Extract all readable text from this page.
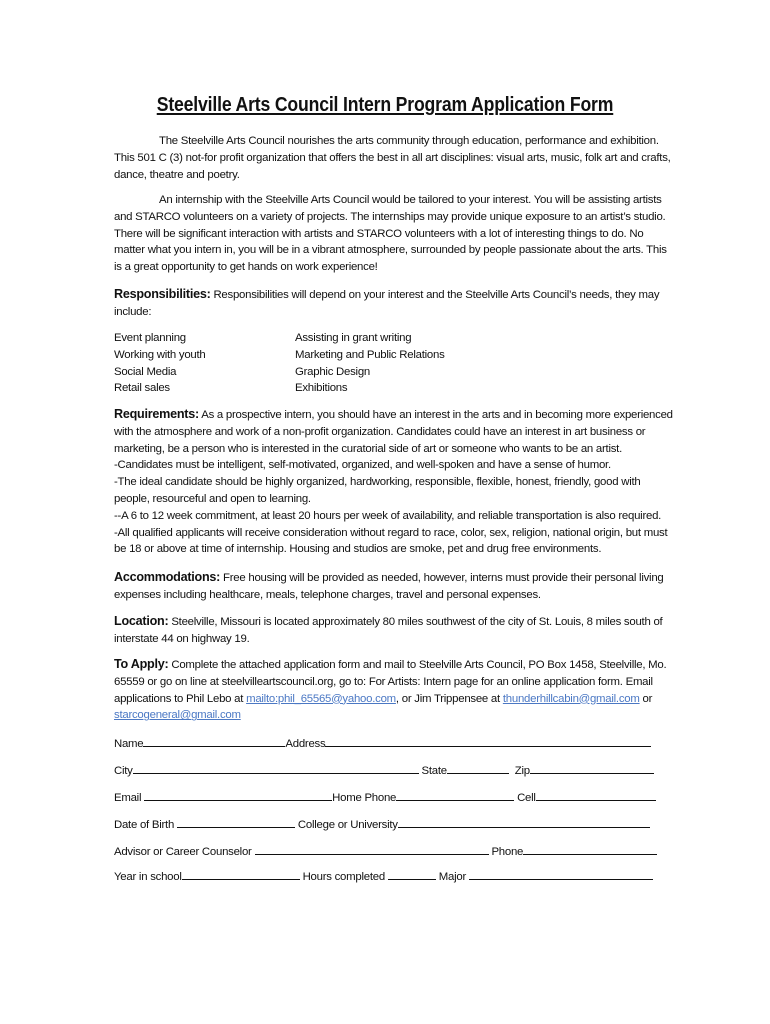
Steelville Arts Council Intern Program Application Form
The Steelville Arts Council nourishes the arts community through education, performance and exhibition. This 501 C (3) not-for profit organization that offers the best in all art disciplines: visual arts, music, folk art and crafts, dance, theatre and poetry.
An internship with the Steelville Arts Council would be tailored to your interest. You will be assisting artists and STARCO volunteers on a variety of projects. The internships may provide unique exposure to an artist’s studio. There will be significant interaction with artists and STARCO volunteers with a lot of interesting things to do. No matter what you intern in, you will be in a vibrant atmosphere, surrounded by people passionate about the arts. This is a great opportunity to get hands on work experience!
Responsibilities: Responsibilities will depend on your interest and the Steelville Arts Council’s needs, they may include:
Event planning	Assisting in grant writing
Working with youth	Marketing and Public Relations
Social Media	Graphic Design
Retail sales	Exhibitions
Requirements: As a prospective intern, you should have an interest in the arts and in becoming more experienced with the atmosphere and work of a non-profit organization. Candidates could have an interest in art business or marketing, be a person who is interested in the curatorial side of art or someone who wants to be an artist.
-Candidates must be intelligent, self-motivated, organized, and well-spoken and have a sense of humor.
-The ideal candidate should be highly organized, hardworking, responsible, flexible, honest, friendly, good with people, resourceful and open to learning.
--A 6 to 12 week commitment, at least 20 hours per week of availability, and reliable transportation is also required.
-All qualified applicants will receive consideration without regard to race, color, sex, religion, national origin, but must be 18 or above at time of internship. Housing and studios are smoke, pet and drug free environments.
Accommodations: Free housing will be provided as needed, however, interns must provide their personal living expenses including healthcare, meals, telephone charges, travel and personal expenses.
Location: Steelville, Missouri is located approximately 80 miles southwest of the city of St. Louis, 8 miles south of interstate 44 on highway 19.
To Apply: Complete the attached application form and mail to Steelville Arts Council, PO Box 1458, Steelville, Mo. 65559 or go on line at steelvilleartscouncil.org, go to: For Artists: Intern page for an online application form. Email applications to Phil Lebo at mailto:phil_65565@yahoo.com, or Jim Trippensee at thunderhillcabin@gmail.com or
starcogeneral@gmail.com
Name	Address
City	State	Zip
Email	Home Phone	Cell
Date of Birth	College or University
Advisor or Career Counselor	Phone
Year in school	Hours completed	Major
